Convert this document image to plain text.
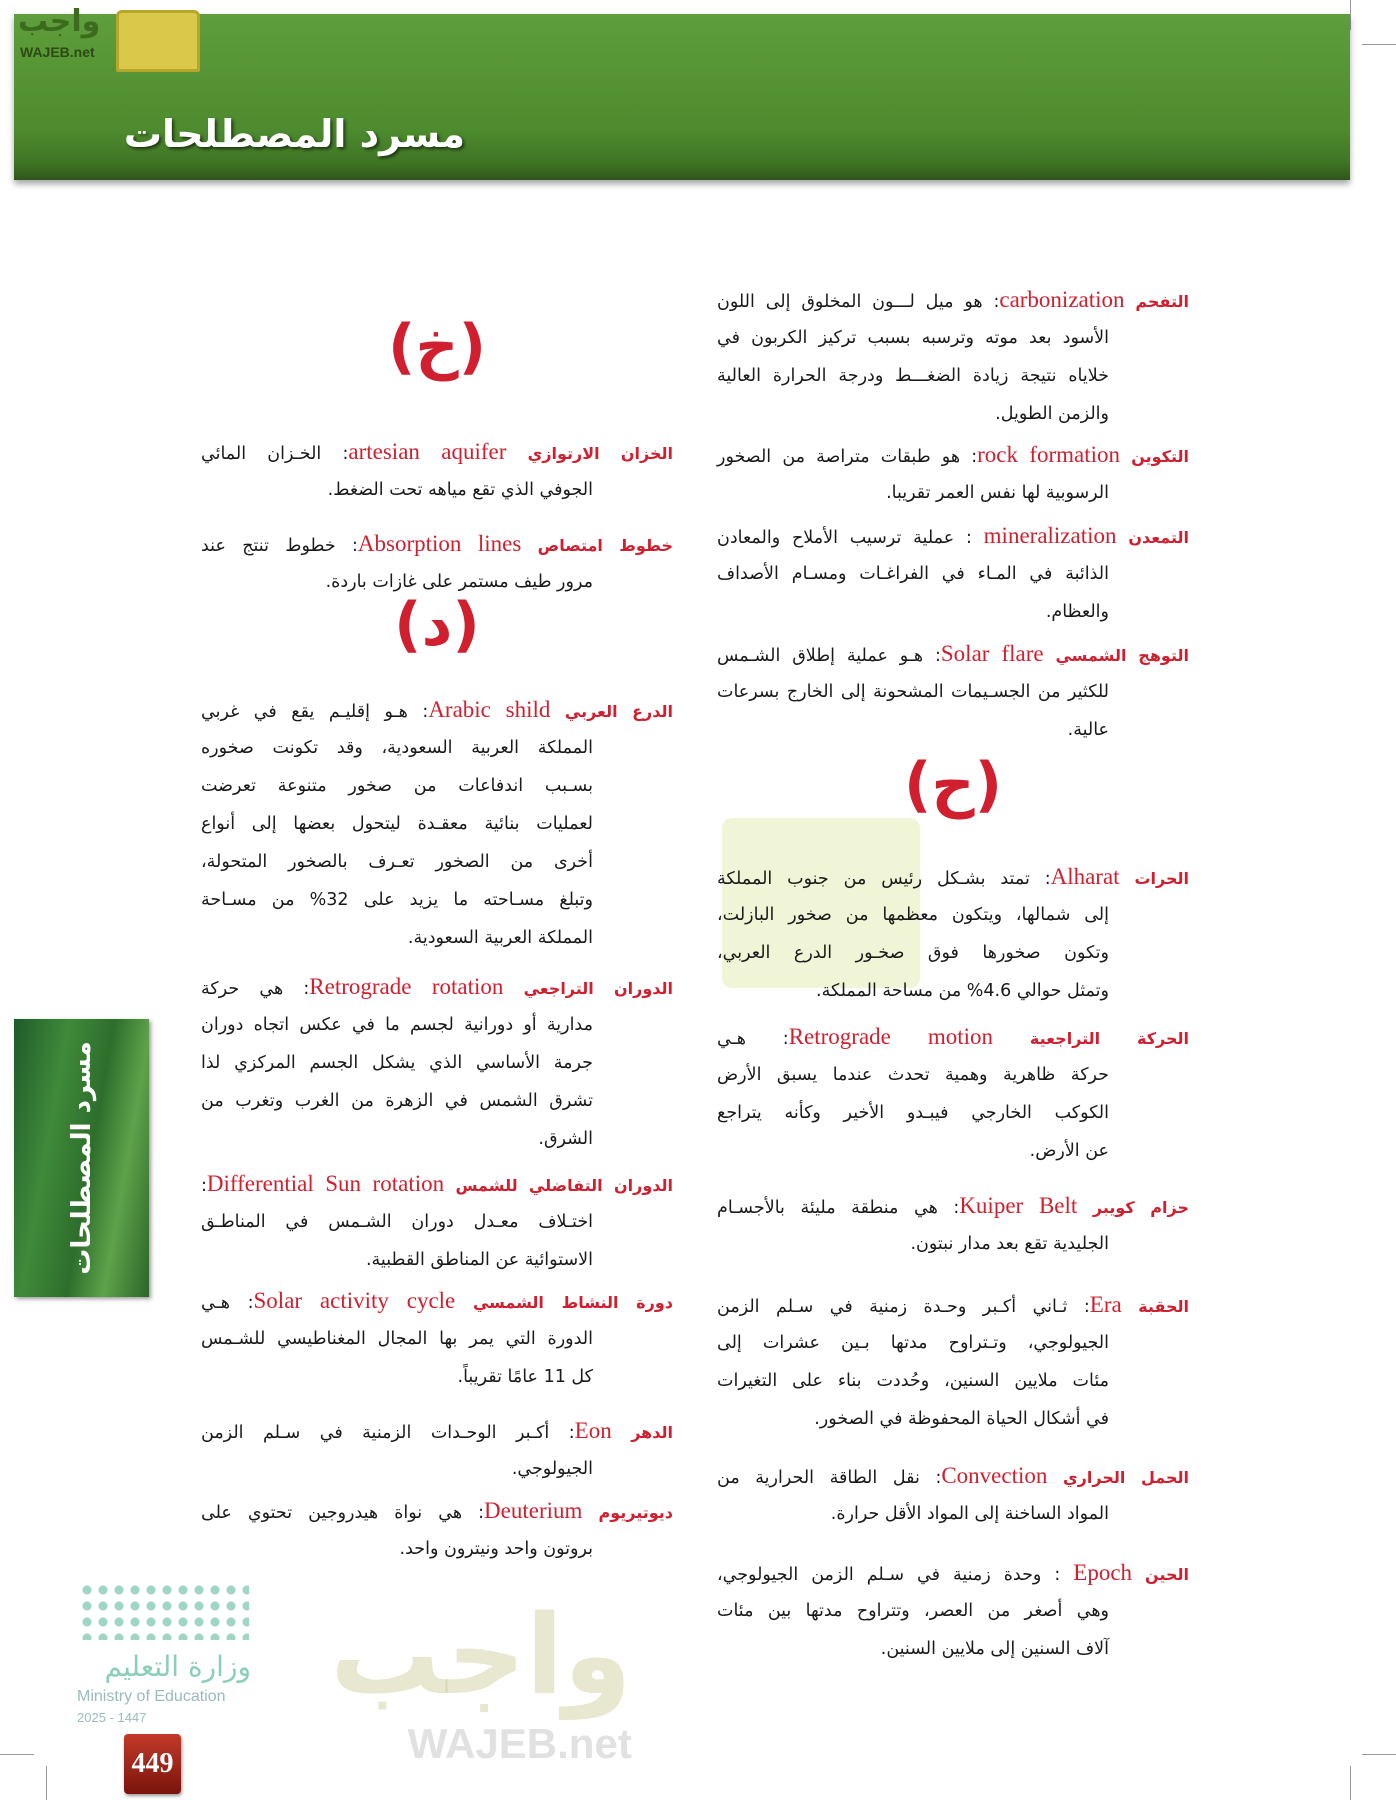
مسرد المصطلحات
واجب
WAJEB.net
واجب
WAJEB.net
التفحم carbonization: هو ميل لـــون المخلوق إلى اللون
الأسود بعد موته وترسبه بسبب تركيز الكربون في
خلاياه نتيجة زيادة الضغـــط ودرجة الحرارة العالية
والزمن الطويل.
التكوين rock formation: هو طبقات متراصة من الصخور
الرسوبية لها نفس العمر تقريبا.
التمعدن mineralization : عملية ترسيب الأملاح والمعادن
الذائبة في المـاء في الفراغـات ومسـام الأصداف
والعظام.
التوهج الشمسي Solar flare: هـو عملية إطلاق الشـمس
للكثير من الجسـيمات المشحونة إلى الخارج بسرعات
عالية.
(ح)
الحرات Alharat: تمتد بشـكل رئيس من جنوب المملكة
إلى شمالها، ويتكون معظمها من صخور البازلت،
وتكون صخورها فوق صخـور الدرع العربي،
وتمثل حوالي 4.6% من مساحة المملكة.
الحركة التراجعية Retrograde motion: هـي
حركة ظاهرية وهمية تحدث عندما يسبق الأرض
الكوكب الخارجي فيبـدو الأخير وكأنه يتراجع
عن الأرض.
حزام كويبر Kuiper Belt: هي منطقة مليئة بالأجسـام
الجليدية تقع بعد مدار نبتون.
الحقبة Era: ثـاني أكـبر وحـدة زمنية في سـلم الزمن
الجيولوجي، وتـتراوح مدتها بـين عشرات إلى
مئات ملايين السنين، وحُددت بناء على التغيرات
في أشكال الحياة المحفوظة في الصخور.
الحمل الحراري Convection: نقل الطاقة الحرارية من
المواد الساخنة إلى المواد الأقل حرارة.
الحين Epoch : وحدة زمنية في سـلم الزمن الجيولوجي،
وهي أصغر من العصر، وتتراوح مدتها بين مئات
آلاف السنين إلى ملايين السنين.
(خ)
الخزان الارتوازي artesian aquifer: الخـزان المائي
الجوفي الذي تقع مياهه تحت الضغط.
خطوط امتصاص Absorption lines: خطوط تنتج عند
مرور طيف مستمر على غازات باردة.
(د)
الدرع العربي Arabic shild: هـو إقليـم يقع في غربي
المملكة العربية السعودية، وقد تكونت صخوره
بسـبب اندفاعات من صخور متنوعة تعرضت
لعمليات بنائية معقـدة ليتحول بعضها إلى أنواع
أخرى من الصخور تعـرف بالصخور المتحولة،
وتبلغ مسـاحته ما يزيد على 32% من مسـاحة
المملكة العربية السعودية.
الدوران التراجعي Retrograde rotation: هي حركة
مدارية أو دورانية لجسم ما في عكس اتجاه دوران
جرمة الأساسي الذي يشكل الجسم المركزي لذا
تشرق الشمس في الزهرة من الغرب وتغرب من
الشرق.
الدوران التفاضلي للشمس Differential Sun rotation:
اختـلاف معـدل دوران الشـمس في المناطـق
الاستوائية عن المناطق القطبية.
دورة النشاط الشمسي Solar activity cycle: هـي
الدورة التي يمر بها المجال المغناطيسي للشـمس
كل 11 عامًا تقريباً.
الدهر Eon: أكـبر الوحـدات الزمنية في سـلم الزمن
الجيولوجي.
ديوتيريوم Deuterium: هي نواة هيدروجين تحتوي على
بروتون واحد ونيترون واحد.
مسرد المصطلحات
وزارة التعليم
Ministry of Education
2025 - 1447
449
